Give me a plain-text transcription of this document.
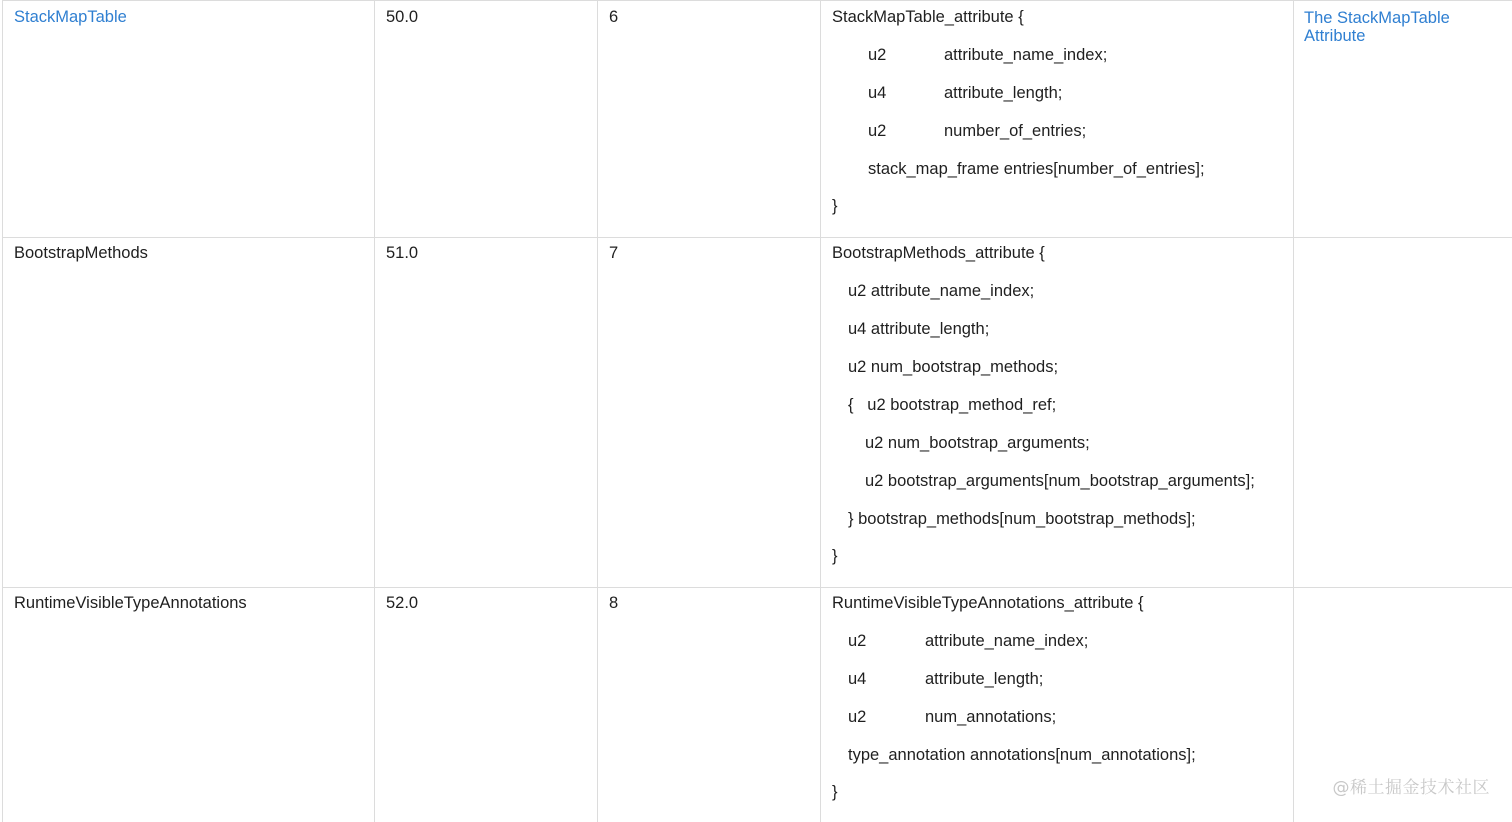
StackMapTable	50.0	6	StackMapTable_attribute {
u2	attribute_name_index;
u4	attribute_length;
u2	number_of_entries;
stack_map_frame entries[number_of_entries];
}
The StackMapTable Attribute
BootstrapMethods	51.0	7	BootstrapMethods_attribute {
u2 attribute_name_index;
u4 attribute_length;
u2 num_bootstrap_methods;
{   u2 bootstrap_method_ref;
u2 num_bootstrap_arguments;
u2 bootstrap_arguments[num_bootstrap_arguments];
} bootstrap_methods[num_bootstrap_methods];
}
RuntimeVisibleTypeAnnotations	52.0	8	RuntimeVisibleTypeAnnotations_attribute {
u2	attribute_name_index;
u4	attribute_length;
u2	num_annotations;
type_annotation annotations[num_annotations];
}	@稀土掘金技术社区
